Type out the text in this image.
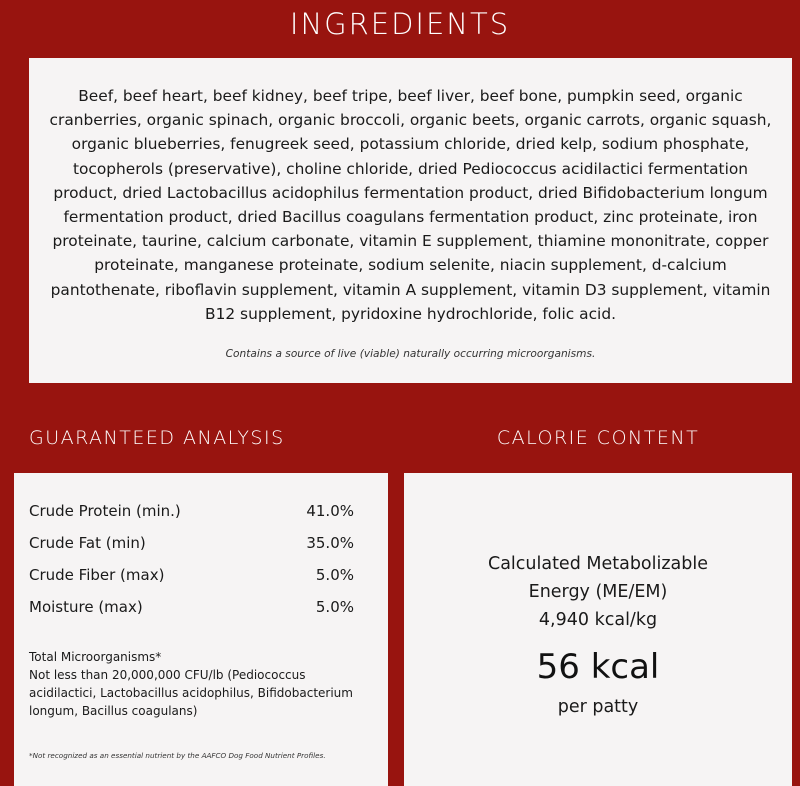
INGREDIENTS
Beef, beef heart, beef kidney, beef tripe, beef liver, beef bone, pumpkin seed, organic cranberries, organic spinach, organic broccoli, organic beets, organic carrots, organic squash, organic blueberries, fenugreek seed, potassium chloride, dried kelp, sodium phosphate, tocopherols (preservative), choline chloride, dried Pediococcus acidilactici fermentation product, dried Lactobacillus acidophilus fermentation product, dried Bifidobacterium longum fermentation product, dried Bacillus coagulans fermentation product, zinc proteinate, iron proteinate, taurine, calcium carbonate, vitamin E supplement, thiamine mononitrate, copper proteinate, manganese proteinate, sodium selenite, niacin supplement, d-calcium pantothenate, riboflavin supplement, vitamin A supplement, vitamin D3 supplement, vitamin B12 supplement, pyridoxine hydrochloride, folic acid.
Contains a source of live (viable) naturally occurring microorganisms.
GUARANTEED ANALYSIS	CALORIE CONTENT
Crude Protein (min.)	41.0%
Crude Fat (min)	35.0%
Crude Fiber (max)	5.0%
Moisture (max)	5.0%
Total Microorganisms*
Not less than 20,000,000 CFU/lb (Pediococcus acidilactici, Lactobacillus acidophilus, Bifidobacterium longum, Bacillus coagulans)
*Not recognized as an essential nutrient by the AAFCO Dog Food Nutrient Profiles.
Calculated Metabolizable
Energy (ME/EM)
4,940 kcal/kg
56 kcal
per patty
